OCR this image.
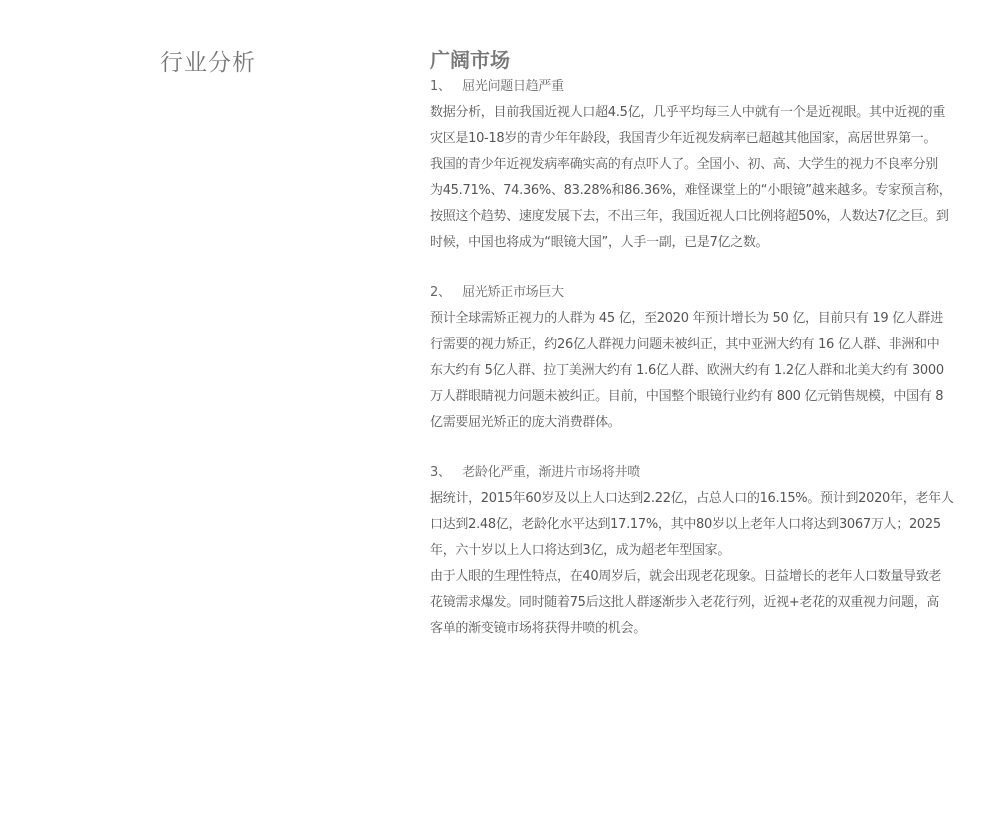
行业分析	广阔市场
1、   屈光问题日趋严重
数据分析，目前我国近视人口超4.5亿，几乎平均每三人中就有一个是近视眼。其中近视的重
灾区是10-18岁的青少年年龄段，我国青少年近视发病率已超越其他国家，高居世界第一。
我国的青少年近视发病率确实高的有点吓人了。全国小、初、高、大学生的视力不良率分别
为45.71%、74.36%、83.28%和86.36%，难怪课堂上的“小眼镜”越来越多。专家预言称，
按照这个趋势、速度发展下去，不出三年，我国近视人口比例将超50%，人数达7亿之巨。到
时候，中国也将成为“眼镜大国”，人手一副，已是7亿之数。
2、   屈光矫正市场巨大
预计全球需矫正视力的人群为 45 亿，至2020 年预计增长为 50 亿，目前只有 19 亿人群进
行需要的视力矫正，约26亿人群视力问题未被纠正，其中亚洲大约有 16 亿人群、非洲和中
东大约有 5亿人群、拉丁美洲大约有 1.6亿人群、欧洲大约有 1.2亿人群和北美大约有 3000
万人群眼睛视力问题未被纠正。目前，中国整个眼镜行业约有 800 亿元销售规模，中国有 8
亿需要屈光矫正的庞大消费群体。
3、   老龄化严重，渐进片市场将井喷
据统计，2015年60岁及以上人口达到2.22亿，占总人口的16.15%。预计到2020年，老年人
口达到2.48亿，老龄化水平达到17.17%，其中80岁以上老年人口将达到3067万人；2025
年，六十岁以上人口将达到3亿，成为超老年型国家。
由于人眼的生理性特点，在40周岁后，就会出现老花现象。日益增长的老年人口数量导致老
花镜需求爆发。同时随着75后这批人群逐渐步入老花行列，近视+老花的双重视力问题，高
客单的渐变镜市场将获得井喷的机会。
